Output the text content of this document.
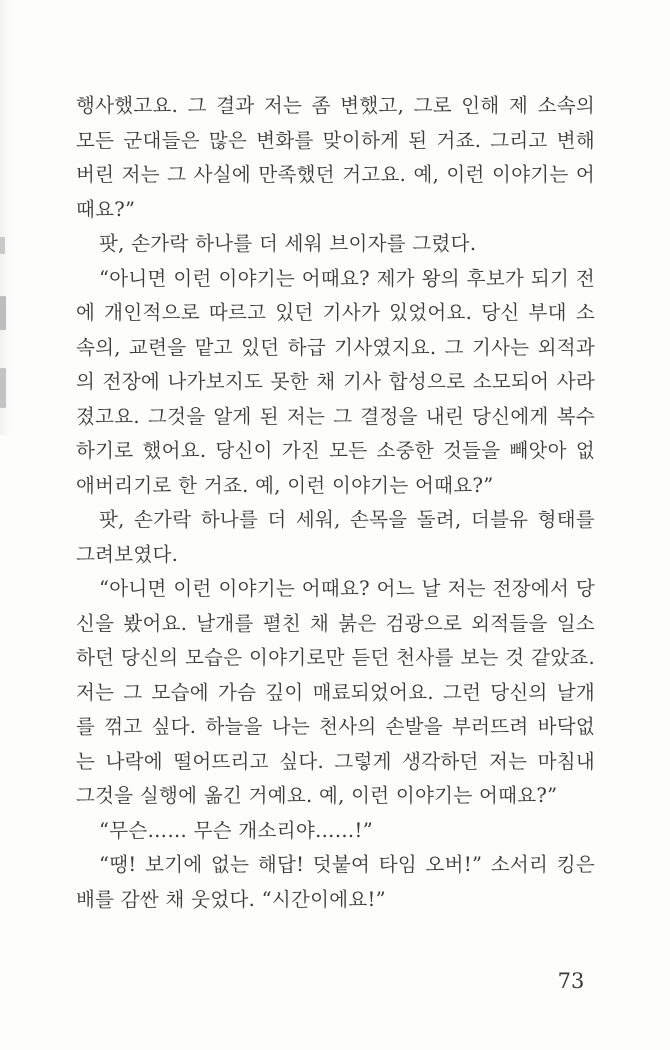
행사했고요. 그 결과 저는 좀 변했고, 그로 인해 제 소속의
모든 군대들은 많은 변화를 맞이하게 된 거죠. 그리고 변해
버린 저는 그 사실에 만족했던 거고요. 예, 이런 이야기는 어
때요?”
팟, 손가락 하나를 더 세워 브이자를 그렸다.
“아니면 이런 이야기는 어때요? 제가 왕의 후보가 되기 전
에 개인적으로 따르고 있던 기사가 있었어요. 당신 부대 소
속의, 교련을 맡고 있던 하급 기사였지요. 그 기사는 외적과
의 전장에 나가보지도 못한 채 기사 합성으로 소모되어 사라
졌고요. 그것을 알게 된 저는 그 결정을 내린 당신에게 복수
하기로 했어요. 당신이 가진 모든 소중한 것들을 빼앗아 없
애버리기로 한 거죠. 예, 이런 이야기는 어때요?”
팟, 손가락 하나를 더 세워, 손목을 돌려, 더블유 형태를
그려보였다.
“아니면 이런 이야기는 어때요? 어느 날 저는 전장에서 당
신을 봤어요. 날개를 펼친 채 붉은 검광으로 외적들을 일소
하던 당신의 모습은 이야기로만 듣던 천사를 보는 것 같았죠.
저는 그 모습에 가슴 깊이 매료되었어요. 그런 당신의 날개
를 꺾고 싶다. 하늘을 나는 천사의 손발을 부러뜨려 바닥없
는 나락에 떨어뜨리고 싶다. 그렇게 생각하던 저는 마침내
그것을 실행에 옮긴 거예요. 예, 이런 이야기는 어때요?”
“무슨…… 무슨 개소리야……!”
“땡! 보기에 없는 해답! 덧붙여 타임 오버!” 소서리 킹은
배를 감싼 채 웃었다. “시간이에요!”
73
